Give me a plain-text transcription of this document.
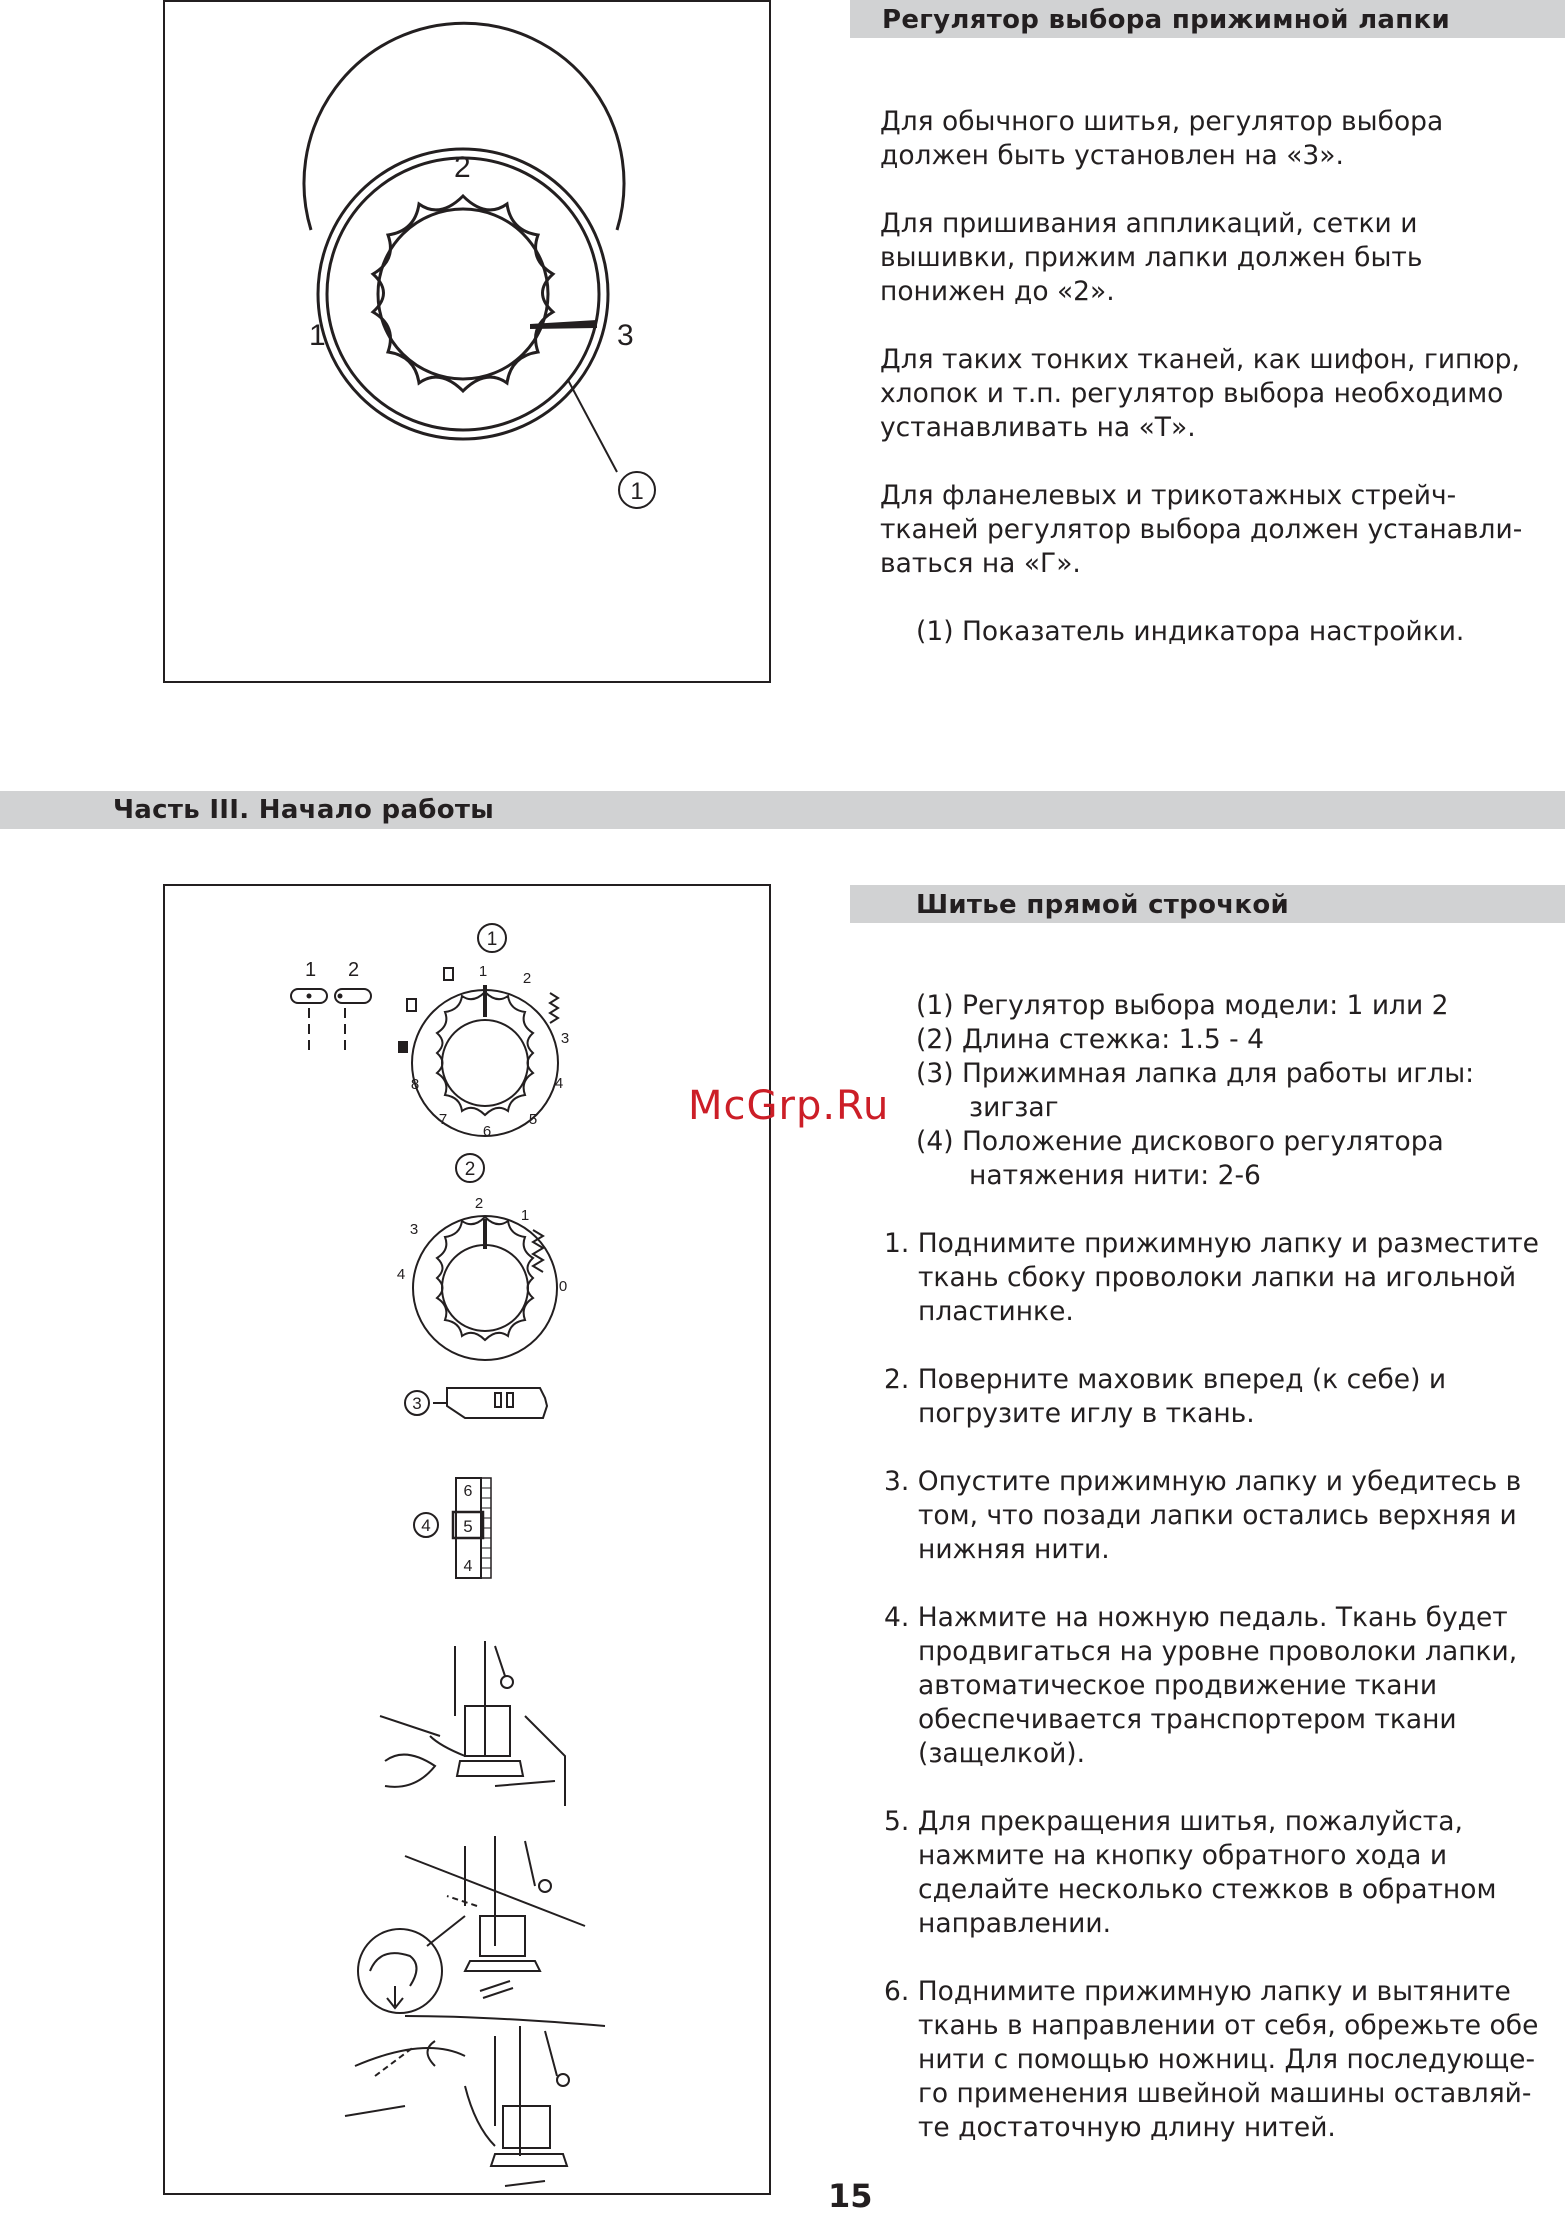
Регулятор выбора прижимной лапки
1
1
2
3
Для обычного шитья, регулятор выбора
должен быть установлен на «3».
Для пришивания аппликаций, сетки и
вышивки, прижим лапки должен быть
понижен до «2».
Для таких тонких тканей, как шифон, гипюр,
хлопок и т.п. регулятор выбора необходимо
устанавливать на «Т».
Для фланелевых и трикотажных стрейч-
тканей регулятор выбора должен устанавли-
ваться на «Г».
(1) Показатель индикатора настройки.
Часть III. Начало работы
Шитье прямой строчкой
1 2
1
1 2
3
4
5
6
7
8
2
0
1
2
3
4
3
4
6
5
4
(1) Регулятор выбора модели: 1 или 2
(2) Длина стежка: 1.5 - 4
(3) Прижимная лапка для работы иглы:
зигзаг
(4) Положение дискового регулятора
натяжения нити: 2-6
1. Поднимите прижимную лапку и разместите
ткань сбоку проволоки лапки на игольной
пластинке.
2. Поверните маховик вперед (к себе) и
погрузите иглу в ткань.
3. Опустите прижимную лапку и убедитесь в
том, что позади лапки остались верхняя и
нижняя нити.
4. Нажмите на ножную педаль. Ткань будет
продвигаться на уровне проволоки лапки,
автоматическое продвижение ткани
обеспечивается транспортером ткани
(защелкой).
5. Для прекращения шитья, пожалуйста,
нажмите на кнопку обратного хода и
сделайте несколько стежков в обратном
направлении.
6. Поднимите прижимную лапку и вытяните
ткань в направлении от себя, обрежьте обе
нити с помощью ножниц. Для последующе-
го применения швейной машины оставляй-
те достаточную длину нитей.
McGrp.Ru
15
